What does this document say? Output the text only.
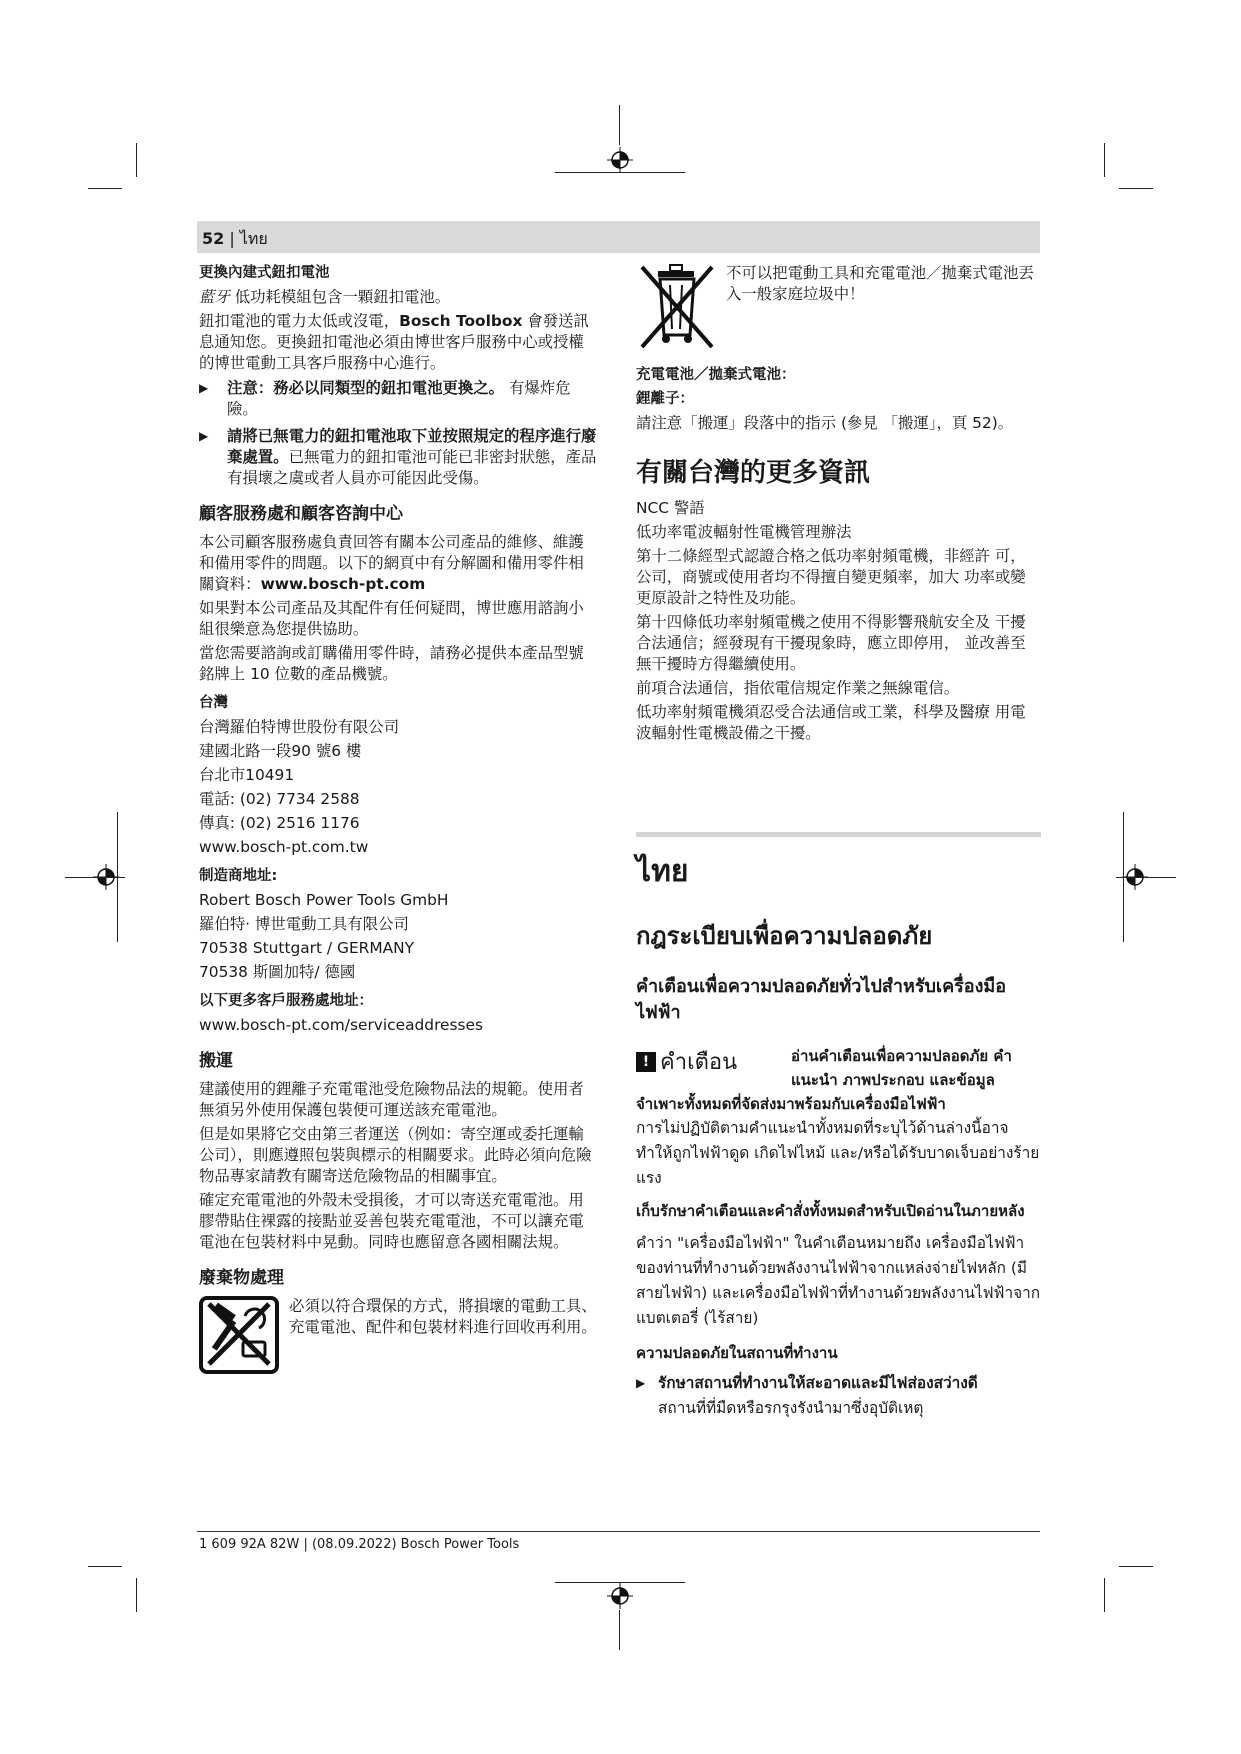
52 | ไทย
更換內建式鈕扣電池

藍牙 低功耗模組包含一顆鈕扣電池。

鈕扣電池的電力太低或沒電，Bosch Toolbox 會發送訊息通知您。更換鈕扣電池必須由博世客戶服務中心或授權的博世電動工具客戶服務中心進行。

▶	注意：務必以同類型的鈕扣電池更換之。 有爆炸危險。
▶	請將已無電力的鈕扣電池取下並按照規定的程序進行廢棄處置。已無電力的鈕扣電池可能已非密封狀態，產品有損壞之虞或者人員亦可能因此受傷。
顧客服務處和顧客咨詢中心

本公司顧客服務處負責回答有關本公司產品的維修、維護和備用零件的問題。以下的網頁中有分解圖和備用零件相關資料：www.bosch-pt.com

如果對本公司產品及其配件有任何疑問，博世應用諮詢小組很樂意為您提供協助。

當您需要諮詢或訂購備用零件時，請務必提供本產品型號銘牌上 10 位數的產品機號。

台灣
台灣羅伯特博世股份有限公司
建國北路一段90 號6 樓
台北市10491
電話: (02) 7734 2588
傳真: (02) 2516 1176
www.bosch-pt.com.tw
制造商地址:
Robert Bosch Power Tools GmbH
羅伯特· 博世電動工具有限公司
70538 Stuttgart / GERMANY
70538 斯圖加特/ 德國
以下更多客戶服務處地址：
www.bosch-pt.com/serviceaddresses
搬運

建議使用的鋰離子充電電池受危險物品法的規範。使用者無須另外使用保護包裝便可運送該充電電池。

但是如果將它交由第三者運送（例如：寄空運或委托運輸公司），則應遵照包裝與標示的相關要求。此時必須向危險物品專家請教有關寄送危險物品的相關事宜。

確定充電電池的外殼未受損後，才可以寄送充電電池。用膠帶貼住裸露的接點並妥善包裝充電電池，不可以讓充電電池在包裝材料中晃動。同時也應留意各國相關法規。

廢棄物處理
必須以符合環保的方式，將損壞的電動工具、充電電池、配件和包裝材料進行回收再利用。
不可以把電動工具和充電電池／拋棄式電池丟入一般家庭垃圾中！
充電電池／拋棄式電池：
鋰離子：

請注意「搬運」段落中的指示 (參見 「搬運」，頁 52)。

有關台灣的更多資訊
NCC 警語
低功率電波輻射性電機管理辦法

第十二條經型式認證合格之低功率射頻電機，非經許 可，公司，商號或使用者均不得擅自變更頻率，加大 功率或變更原設計之特性及功能。

第十四條低功率射頻電機之使用不得影響飛航安全及 干擾合法通信；經發現有干擾現象時，應立即停用， 並改善至無干擾時方得繼續使用。

前項合法通信，指依電信規定作業之無線電信。

低功率射頻電機須忍受合法通信或工業，科學及醫療 用電波輻射性電機設備之干擾。

ไทย
กฎระเบียบเพื่อความปลอดภัย
คำเตือนเพื่อความปลอดภัยทั่วไปสำหรับเครื่องมือไฟฟ้า
! คำเตือน	อ่านคำเตือนเพื่อความปลอดภัย คำแนะนำ ภาพประกอบ และข้อมูล
จำเพาะทั้งหมดที่จัดส่งมาพร้อมกับเครื่องมือไฟฟ้า

การไม่ปฏิบัติตามคำแนะนำทั้งหมดที่ระบุไว้ด้านล่างนี้อาจทำให้ถูกไฟฟ้าดูด เกิดไฟไหม้ และ/หรือได้รับบาดเจ็บอย่างร้ายแรง

เก็บรักษาคำเตือนและคำสั่งทั้งหมดสำหรับเปิดอ่านในภายหลัง

คำว่า "เครื่องมือไฟฟ้า" ในคำเตือนหมายถึง เครื่องมือไฟฟ้าของท่านที่ทำงานด้วยพลังงานไฟฟ้าจากแหล่งจ่ายไฟหลัก (มีสายไฟฟ้า) และเครื่องมือไฟฟ้าที่ทำงานด้วยพลังงานไฟฟ้าจากแบตเตอรี่ (ไร้สาย)

ความปลอดภัยในสถานที่ทำงาน
▶ รักษาสถานที่ทำงานให้สะอาดและมีไฟส่องสว่างดี
สถานที่ที่มืดหรือรกรุงรังนำมาซึ่งอุบัติเหตุ
1 609 92A 82W | (08.09.2022) Bosch Power Tools
